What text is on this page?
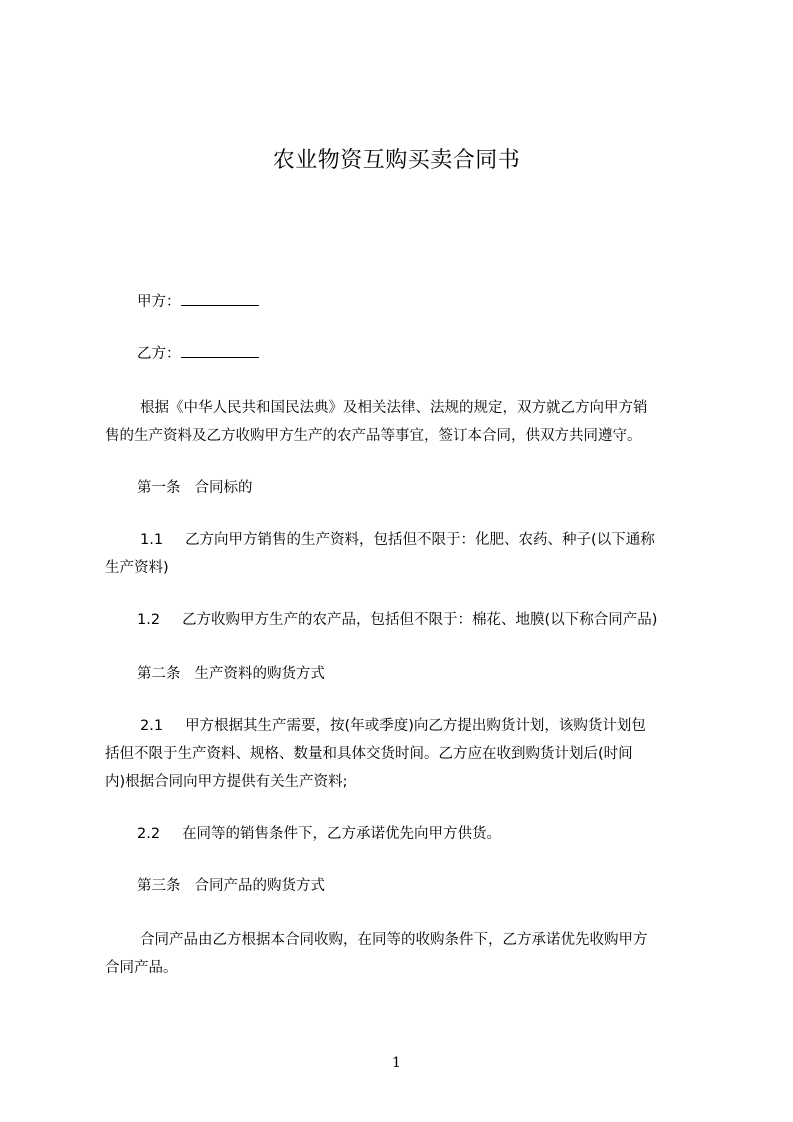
农业物资互购买卖合同书
甲方：
乙方：
根据《中华人民共和国民法典》及相关法律、法规的规定，双方就乙方向甲方销
售的生产资料及乙方收购甲方生产的农产品等事宜，签订本合同，供双方共同遵守。
第一条 合同标的
1.1 乙方向甲方销售的生产资料，包括但不限于：化肥、农药、种子(以下通称
生产资料)
1.2 乙方收购甲方生产的农产品，包括但不限于：棉花、地膜(以下称合同产品)
第二条 生产资料的购货方式
2.1 甲方根据其生产需要，按(年或季度)向乙方提出购货计划，该购货计划包
括但不限于生产资料、规格、数量和具体交货时间。乙方应在收到购货计划后(时间
内)根据合同向甲方提供有关生产资料;
2.2 在同等的销售条件下，乙方承诺优先向甲方供货。
第三条 合同产品的购货方式
合同产品由乙方根据本合同收购，在同等的收购条件下，乙方承诺优先收购甲方
合同产品。
1
